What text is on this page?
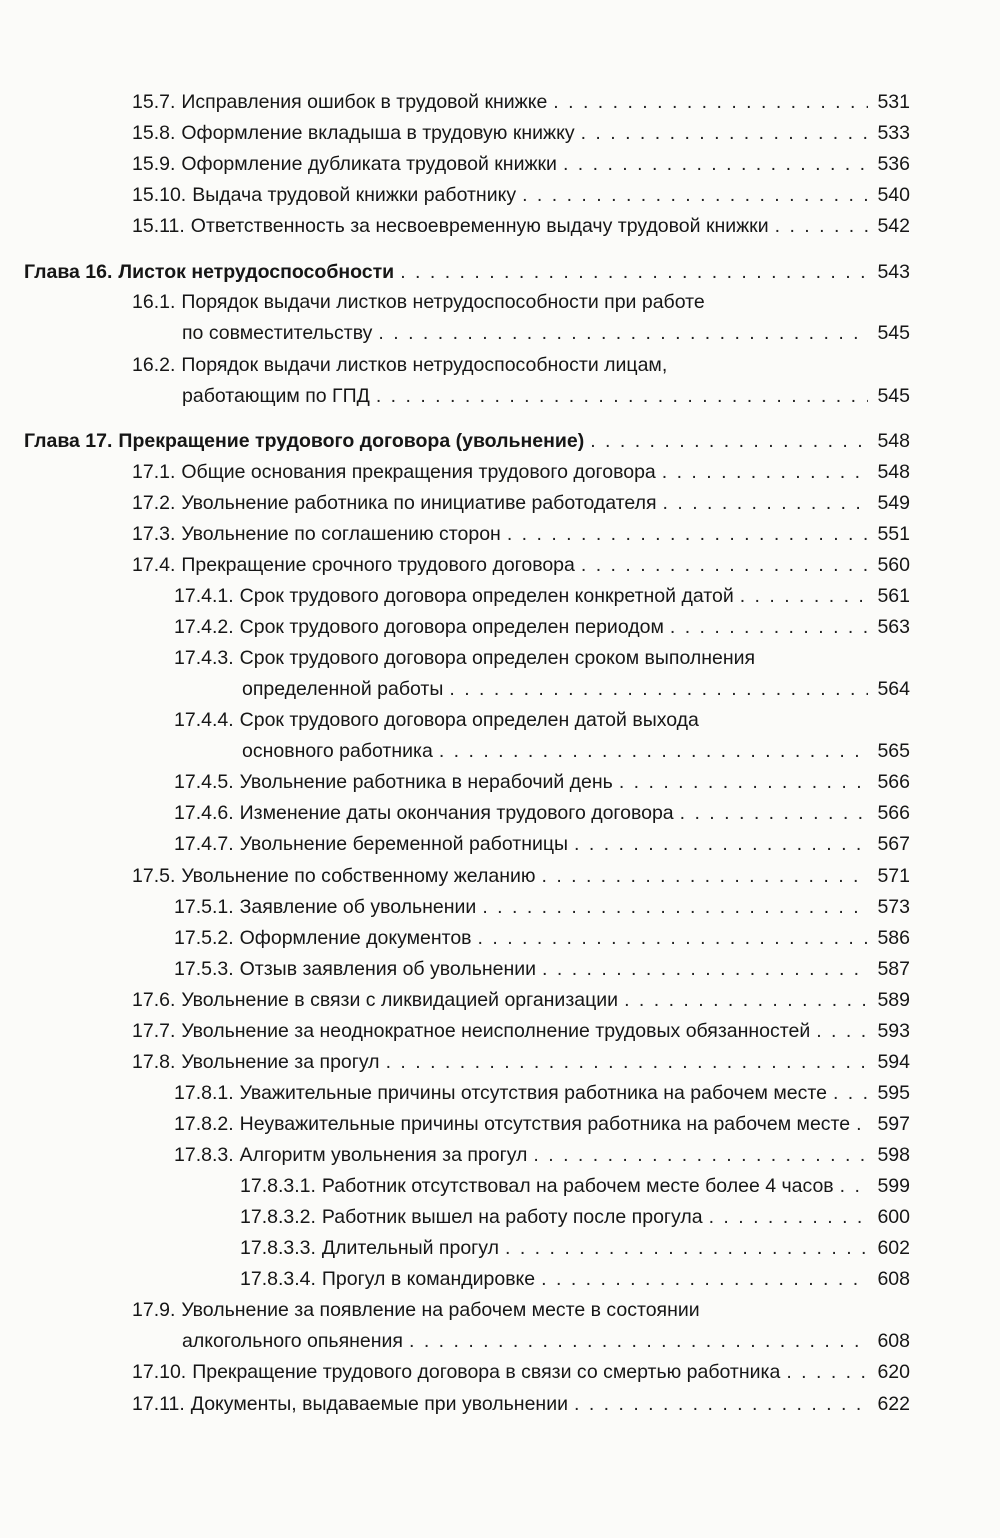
15.7. Исправления ошибок в трудовой книжке . . .	531
15.8. Оформление вкладыша в трудовую книжку . . .	533
15.9. Оформление дубликата трудовой книжки . . .	536
15.10. Выдача трудовой книжки работнику . . .	540
15.11. Ответственность за несвоевременную выдачу трудовой книжки . . .	542
Глава 16. Листок нетрудоспособности . . .	543
16.1. Порядок выдачи листков нетрудоспособности при работе
по совместительству . . .	545
16.2. Порядок выдачи листков нетрудоспособности лицам,
работающим по ГПД . . .	545
Глава 17. Прекращение трудового договора (увольнение) . . .	548
17.1. Общие основания прекращения трудового договора . . .	548
17.2. Увольнение работника по инициативе работодателя . . .	549
17.3. Увольнение по соглашению сторон . . .	551
17.4. Прекращение срочного трудового договора . . .	560
17.4.1. Срок трудового договора определен конкретной датой . . .	561
17.4.2. Срок трудового договора определен периодом . . .	563
17.4.3. Срок трудового договора определен сроком выполнения
определенной работы . . .	564
17.4.4. Срок трудового договора определен датой выхода
основного работника . . .	565
17.4.5. Увольнение работника в нерабочий день . . .	566
17.4.6. Изменение даты окончания трудового договора . . .	566
17.4.7. Увольнение беременной работницы . . .	567
17.5. Увольнение по собственному желанию . . .	571
17.5.1. Заявление об увольнении . . .	573
17.5.2. Оформление документов . . .	586
17.5.3. Отзыв заявления об увольнении . . .	587
17.6. Увольнение в связи с ликвидацией организации . . .	589
17.7. Увольнение за неоднократное неисполнение трудовых обязанностей . . .	593
17.8. Увольнение за прогул . . .	594
17.8.1. Уважительные причины отсутствия работника на рабочем месте . . .	595
17.8.2. Неуважительные причины отсутствия работника на рабочем месте . . . 597
17.8.3. Алгоритм увольнения за прогул . . .	598
17.8.3.1. Работник отсутствовал на рабочем месте более 4 часов . . . 599
17.8.3.2. Работник вышел на работу после прогула . . .	600
17.8.3.3. Длительный прогул . . .	602
17.8.3.4. Прогул в командировке . . .	608
17.9. Увольнение за появление на рабочем месте в состоянии
алкогольного опьянения . . .	608
17.10. Прекращение трудового договора в связи со смертью работника . . .	620
17.11. Документы, выдаваемые при увольнении . . .	622
